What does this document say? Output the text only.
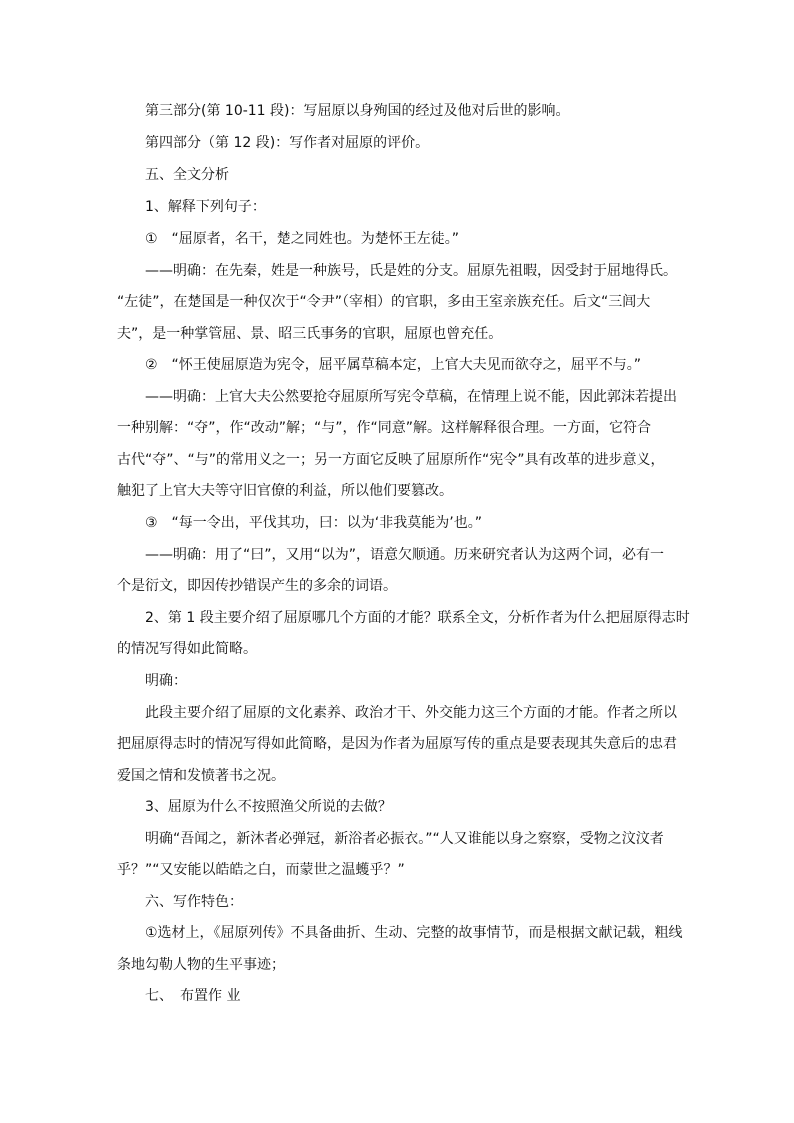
第三部分(第 10-11 段)：写屈原以身殉国的经过及他对后世的影响。
第四部分（第 12 段)：写作者对屈原的评价。
五、全文分析
1、解释下列句子：
①　“屈原者，名干，楚之同姓也。为楚怀王左徒。”
——明确：在先秦，姓是一种族号，氏是姓的分支。屈原先祖暇，因受封于屈地得氏。
“左徒”，在楚国是一种仅次于“令尹”（宰相）的官职，多由王室亲族充任。后文“三闾大
夫”，是一种掌管屈、景、昭三氏事务的官职，屈原也曾充任。
②　“怀王使屈原造为宪令，屈平属草稿本定，上官大夫见而欲夺之，屈平不与。”
——明确：上官大夫公然要抢夺屈原所写宪令草稿，在情理上说不能，因此郭沫若提出
一种别解：“夺”，作“改动”解；“与”，作“同意”解。这样解释很合理。一方面，它符合
古代“夺”、“与”的常用义之一；另一方面它反映了屈原所作“宪令”具有改革的进步意义，
触犯了上官大夫等守旧官僚的利益，所以他们要篡改。
③　“每一令出，平伐其功，曰：以为‘非我莫能为’也。”
——明确：用了“曰”，又用“以为”，语意欠顺通。历来研究者认为这两个词，必有一
个是衍文，即因传抄错误产生的多余的词语。
2、第 1 段主要介绍了屈原哪几个方面的才能？联系全文，分析作者为什么把屈原得志时
的情况写得如此简略。
明确：
此段主要介绍了屈原的文化素养、政治才干、外交能力这三个方面的才能。作者之所以
把屈原得志时的情况写得如此简略，是因为作者为屈原写传的重点是要表现其失意后的忠君
爱国之情和发愤著书之况。
3、屈原为什么不按照渔父所说的去做？
明确“吾闻之，新沐者必弹冠，新浴者必振衣。”“人又谁能以身之察察，受物之汶汶者
乎？”“又安能以皓皓之白，而蒙世之温蠖乎？”
六、写作特色：
①选材上，《屈原列传》不具备曲折、生动、完整的故事情节，而是根据文献记载，粗线
条地勾勒人物的生平事迹；
七、　布置作 业
